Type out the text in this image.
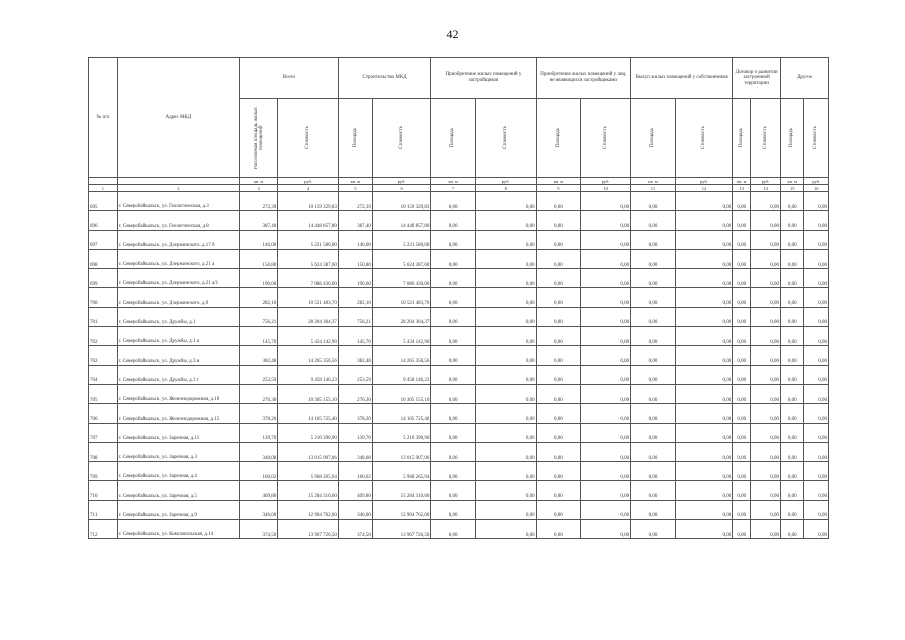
42
№ п/п	Адрес МКД	Всего		Строительство МКД		Приобретение жилых помещений у застройщиков		Приобретение жилых помещений у лиц, не являющихся застройщиками		Выкуп жилых помещений у собственников		Договор о развитии застроенной территории		Другое	

		Расселяемая площадь жилых помещений	Стоимость	Площадь	Стоимость	Площадь	Стоимость	Площадь	Стоимость	Площадь	Стоимость	Площадь	Стоимость	Площадь	Стоимость

		кв. м	руб.	кв. м	руб.	кв. м	руб.	кв. м	руб.	кв. м	руб.	кв. м	руб.	кв. м	руб.
1	2	3	4	5	6	7	8	9	10	11	12	13	14	15	16
695	г. Северобайкальск, ул. Геологическая, д.3	272,39	10 159 329,83	272,39	10 159 329,83	0,00	0,00	0,00	0,00	0,00	0,00	0,00	0,00	0,00	0,00
696	г. Северобайкальск, ул. Геологическая, д.8	387,40	14 448 857,80	387,40	14 448 857,80	0,00	0,00	0,00	0,00	0,00	0,00	0,00	0,00	0,00	0,00
697	г. Северобайкальск, ул. Дзержинского, д.17 б	140,00	5 221 580,00	140,00	5 221 580,00	0,00	0,00	0,00	0,00	0,00	0,00	0,00	0,00	0,00	0,00
698	г. Северобайкальск, ул. Дзержинского, д.21 а	150,80	5 624 387,60	150,80	5 624 387,60	0,00	0,00	0,00	0,00	0,00	0,00	0,00	0,00	0,00	0,00
699	г. Северобайкальск, ул. Дзержинского, д.21 а/1	190,00	7 086 430,00	190,00	7 086 430,00	0,00	0,00	0,00	0,00	0,00	0,00	0,00	0,00	0,00	0,00
700	г. Северобайкальск, ул. Дзержинского, д.9	282,10	10 521 483,70	282,10	10 521 483,70	0,00	0,00	0,00	0,00	0,00	0,00	0,00	0,00	0,00	0,00
701	г. Северобайкальск, ул. Дружбы, д.1	756,21	28 204 364,37	756,21	28 204 364,37	0,00	0,00	0,00	0,00	0,00	0,00	0,00	0,00	0,00	0,00
702	г. Северобайкальск, ул. Дружбы, д.1 а	145,70	5 434 142,90	145,70	5 434 142,90	0,00	0,00	0,00	0,00	0,00	0,00	0,00	0,00	0,00	0,00
703	г. Северобайкальск, ул. Дружбы, д.3 в	382,48	14 265 356,56	382,48	14 265 356,56	0,00	0,00	0,00	0,00	0,00	0,00	0,00	0,00	0,00	0,00
704	г. Северобайкальск, ул. Дружбы, д.3 г	253,59	9 458 146,23	253,59	9 458 146,23	0,00	0,00	0,00	0,00	0,00	0,00	0,00	0,00	0,00	0,00
705	г. Северобайкальск, ул. Железнодорожная, д.10	276,30	10 305 155,10	276,30	10 305 155,10	0,00	0,00	0,00	0,00	0,00	0,00	0,00	0,00	0,00	0,00
706	г. Северобайкальск, ул. Железнодорожная, д.12	378,20	14 105 725,40	378,20	14 105 725,40	0,00	0,00	0,00	0,00	0,00	0,00	0,00	0,00	0,00	0,00
707	г. Северобайкальск, ул. Заречная, д.11	139,70	5 210 390,90	139,70	5 210 390,90	0,00	0,00	0,00	0,00	0,00	0,00	0,00	0,00	0,00	0,00
708	г. Северобайкальск, ул. Заречная, д.3	348,08	13 015 907,06	348,08	13 015 907,06	0,00	0,00	0,00	0,00	0,00	0,00	0,00	0,00	0,00	0,00
709	г. Северобайкальск, ул. Заречная, д.4	160,02	5 968 265,94	160,02	5 968 265,94	0,00	0,00	0,00	0,00	0,00	0,00	0,00	0,00	0,00	0,00
710	г. Северобайкальск, ул. Заречная, д.5	409,80	15 284 310,60	409,80	15 284 310,60	0,00	0,00	0,00	0,00	0,00	0,00	0,00	0,00	0,00	0,00
711	г. Северобайкальск, ул. Заречная, д.9	346,00	12 904 762,00	346,00	12 904 762,00	0,00	0,00	0,00	0,00	0,00	0,00	0,00	0,00	0,00	0,00
712	г. Северобайкальск, ул. Комсомольская, д.14	374,50	13 967 726,50	374,50	13 967 726,50	0,00	0,00	0,00	0,00	0,00	0,00	0,00	0,00	0,00	0,00
